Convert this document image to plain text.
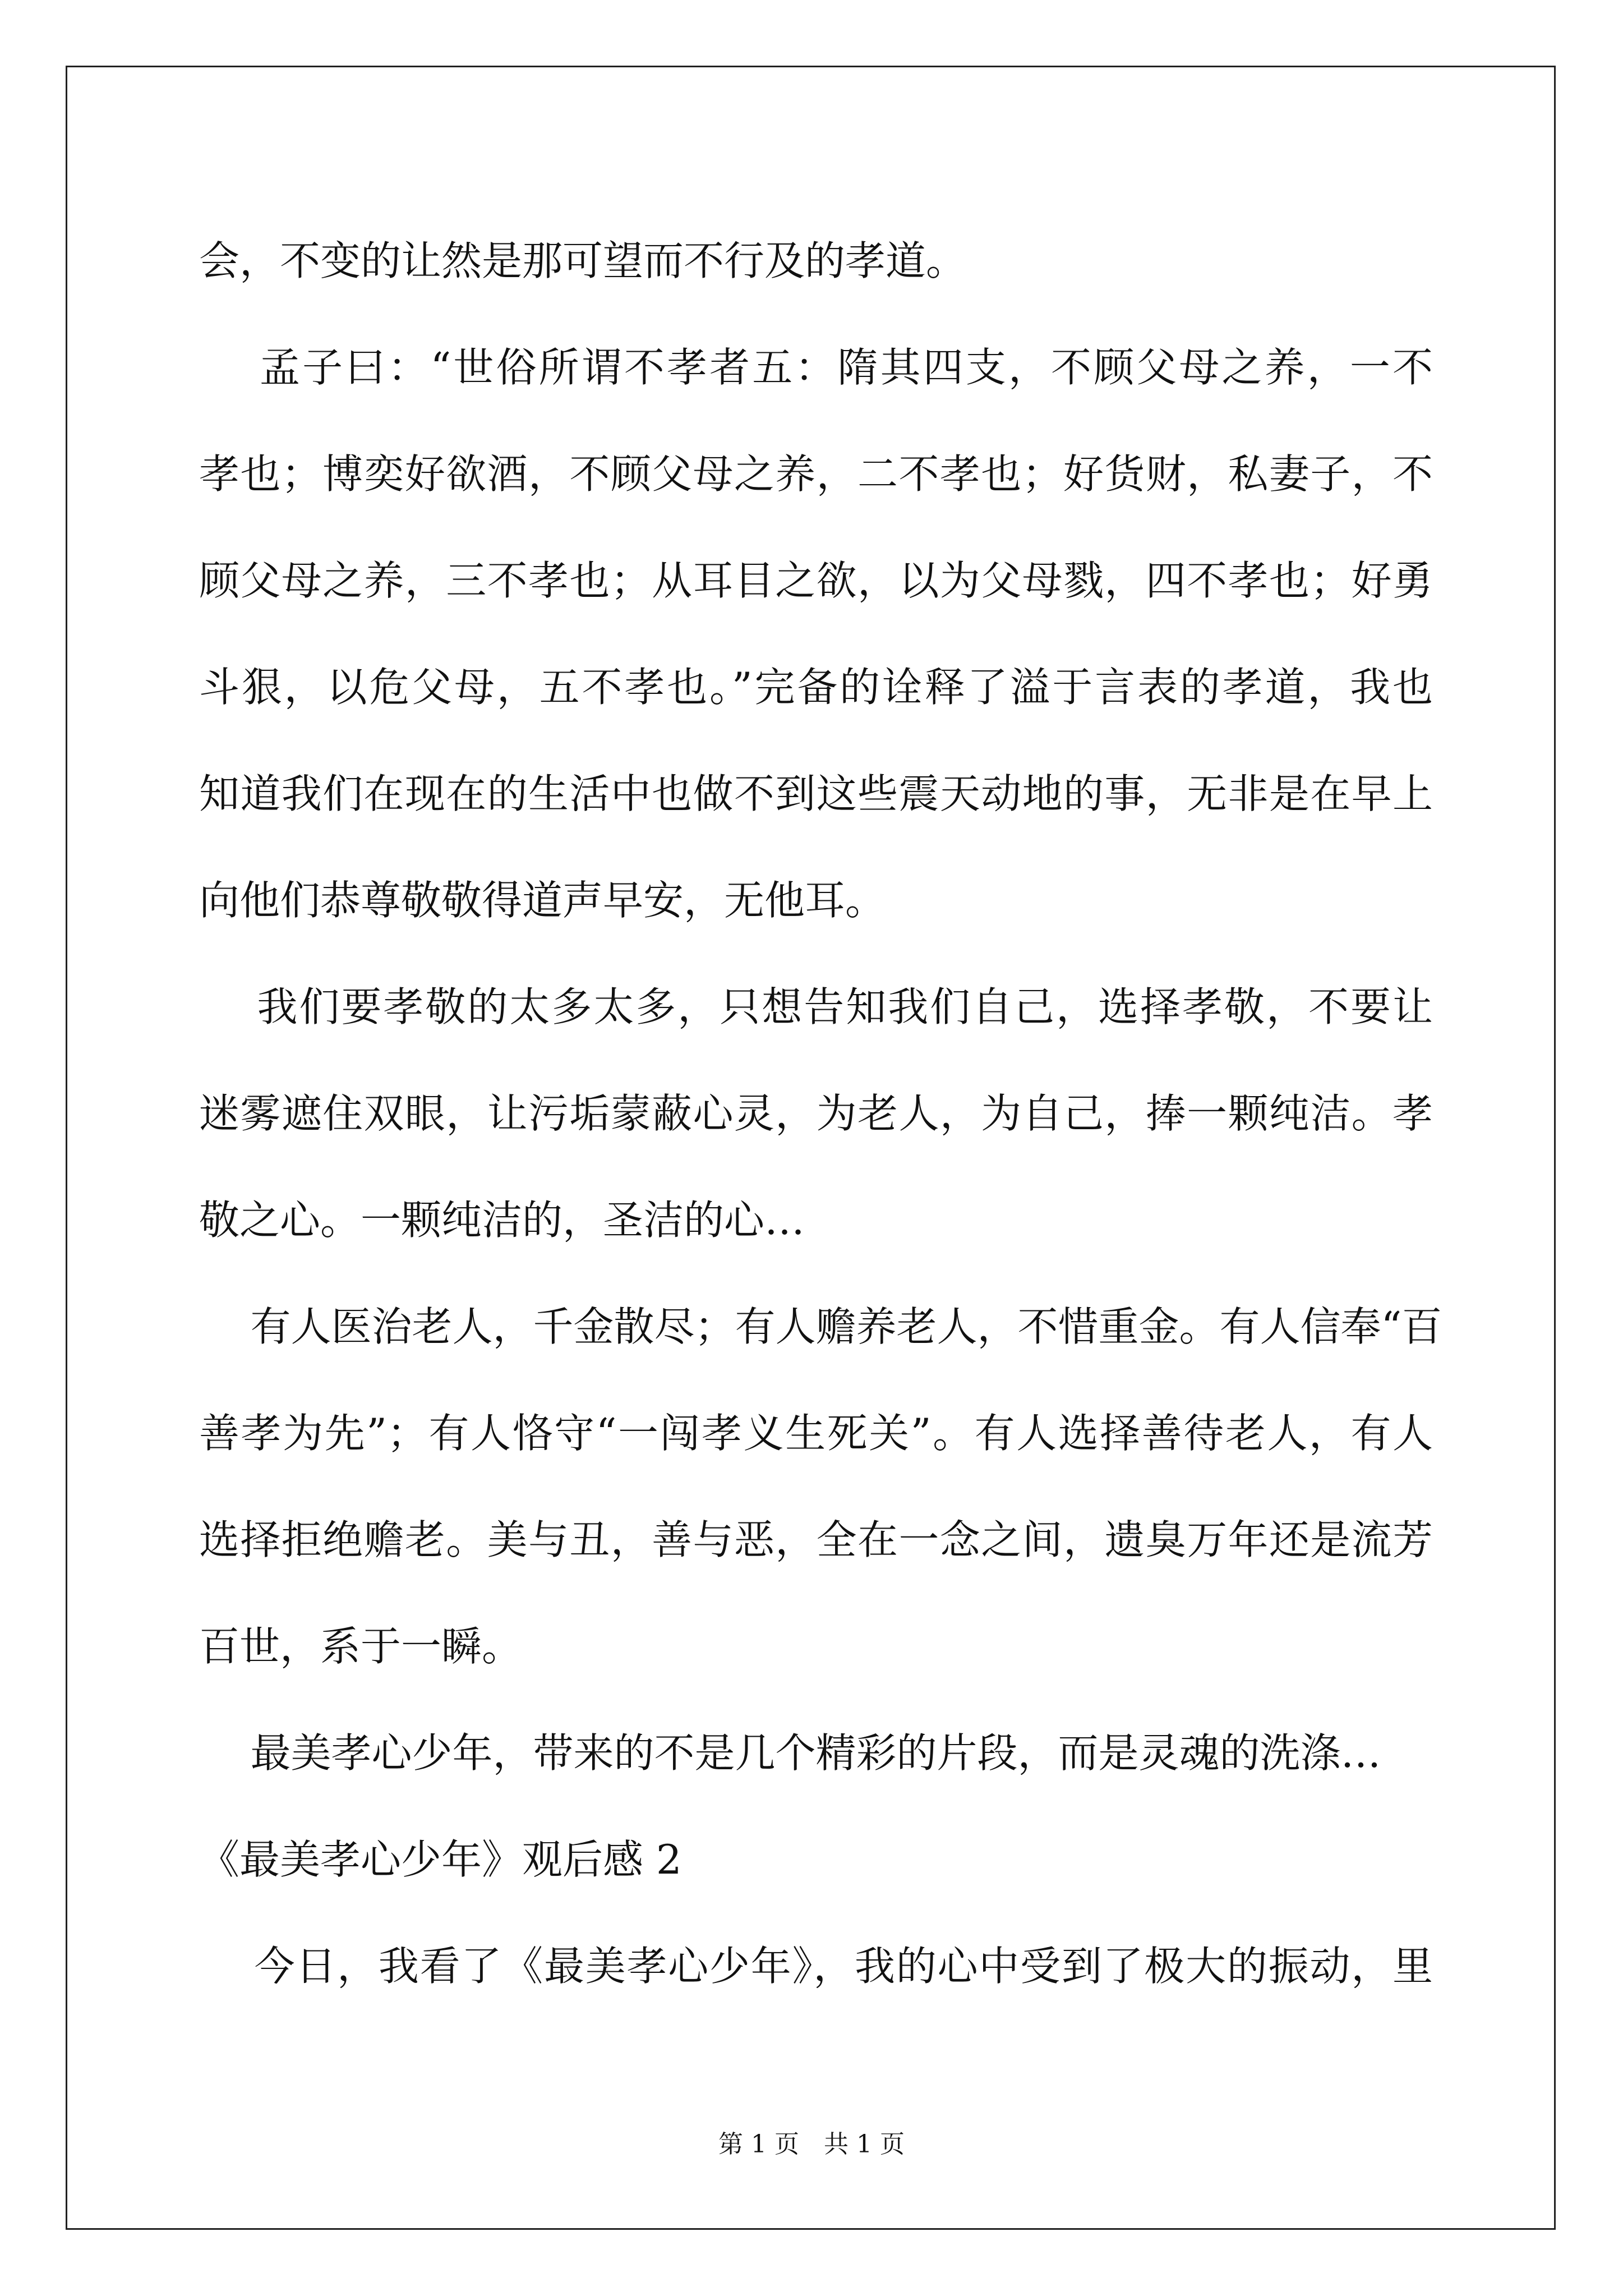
会，不变的让然是那可望而不行及的孝道。
孟子曰：“世俗所谓不孝者五：隋其四支，不顾父母之养，一不
孝也；博奕好欲酒，不顾父母之养，二不孝也；好货财，私妻子，不
顾父母之养，三不孝也；从耳目之欲，以为父母戮，四不孝也；好勇
斗狠，以危父母，五不孝也。”完备的诠释了溢于言表的孝道，我也
知道我们在现在的生活中也做不到这些震天动地的事，无非是在早上
向他们恭尊敬敬得道声早安，无他耳。
我们要孝敬的太多太多，只想告知我们自己，选择孝敬，不要让
迷雾遮住双眼，让污垢蒙蔽心灵，为老人，为自己，捧一颗纯洁。孝
敬之心。一颗纯洁的，圣洁的心…
有人医治老人，千金散尽；有人赡养老人，不惜重金。有人信奉“百
善孝为先”；有人恪守“一闯孝义生死关”。有人选择善待老人，有人
选择拒绝赡老。美与丑，善与恶，全在一念之间，遗臭万年还是流芳
百世，系于一瞬。
最美孝心少年，带来的不是几个精彩的片段，而是灵魂的洗涤…
《最美孝心少年》观后感 2
今日，我看了《最美孝心少年》，我的心中受到了极大的振动，里
第 1 页　共 1 页
